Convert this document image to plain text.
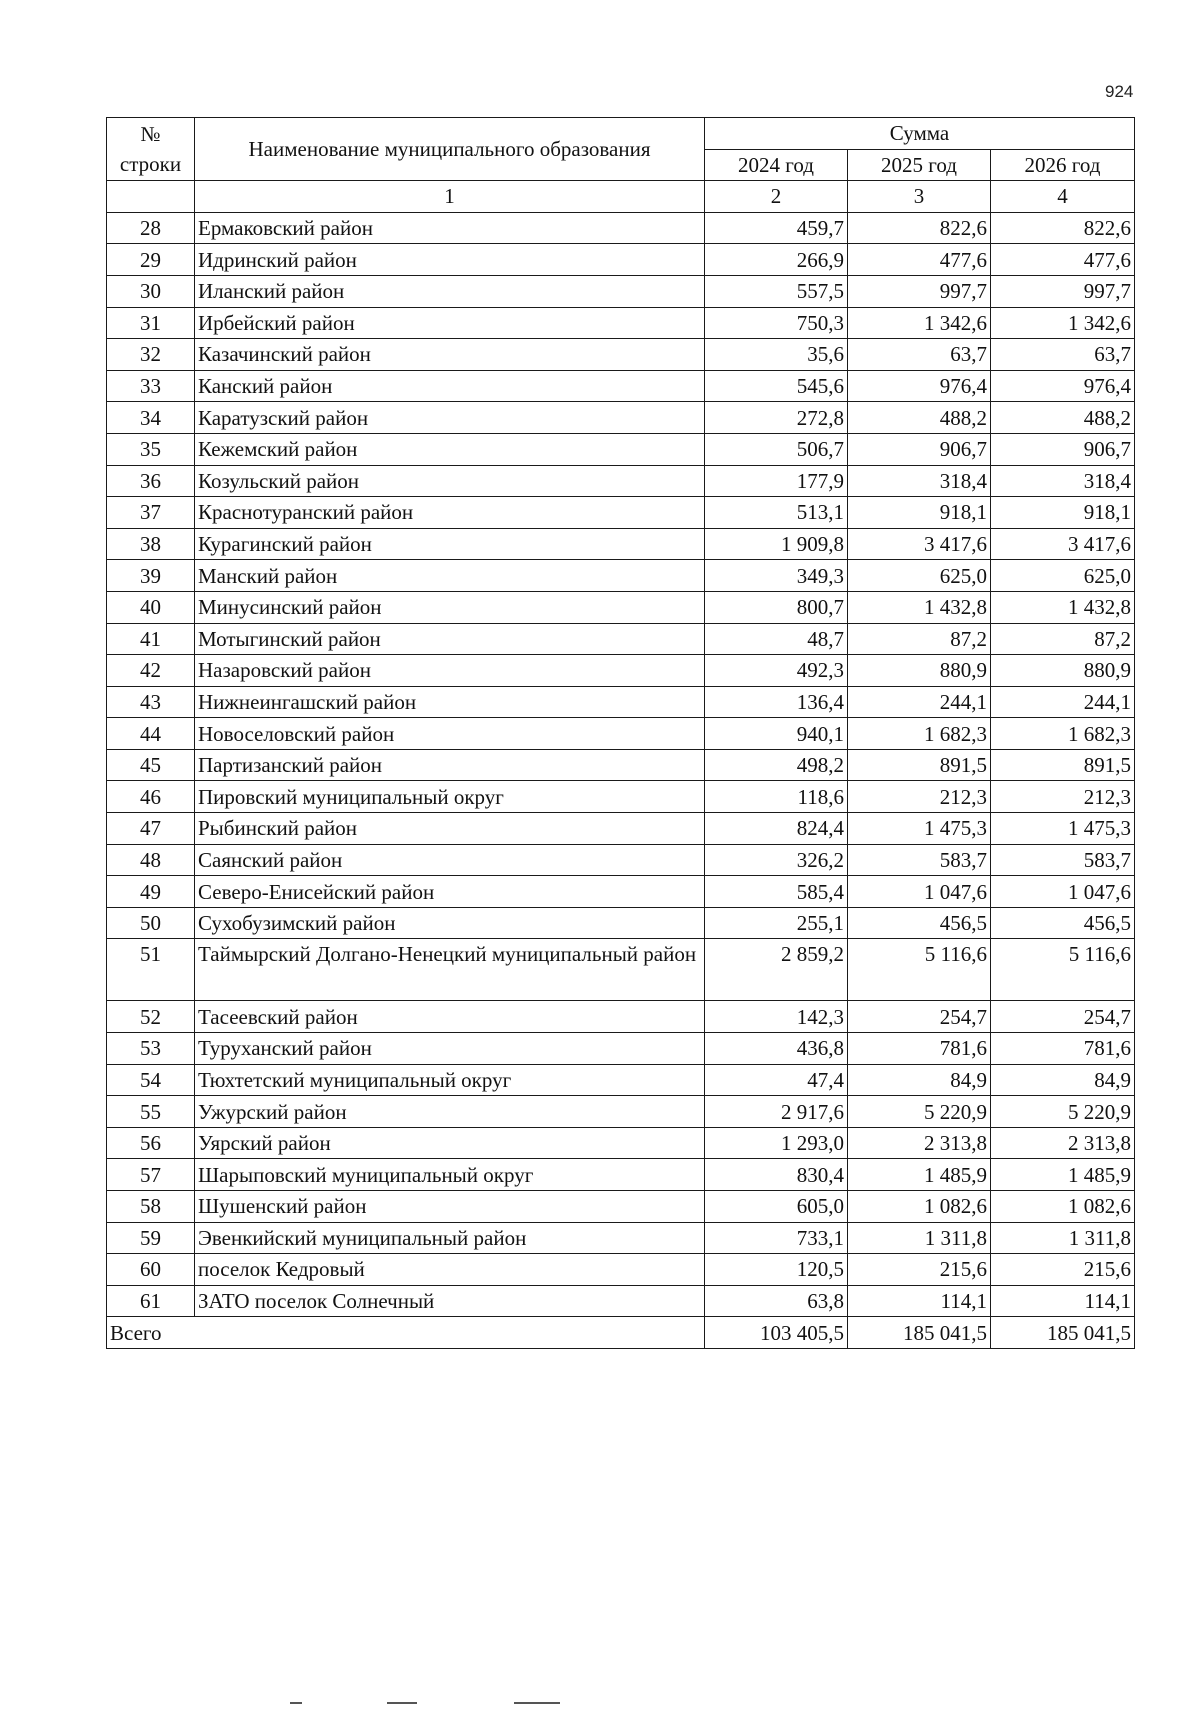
924
№
строки	Наименование муниципального образования	Сумма		
		2024 год	2025 год	2026 год
	1	2	3	4
28	Ермаковский район	459,7	822,6	822,6
29	Идринский район	266,9	477,6	477,6
30	Иланский район	557,5	997,7	997,7
31	Ирбейский район	750,3	1 342,6	1 342,6
32	Казачинский район	35,6	63,7	63,7
33	Канский район	545,6	976,4	976,4
34	Каратузский район	272,8	488,2	488,2
35	Кежемский район	506,7	906,7	906,7
36	Козульский район	177,9	318,4	318,4
37	Краснотуранский район	513,1	918,1	918,1
38	Курагинский район	1 909,8	3 417,6	3 417,6
39	Манский район	349,3	625,0	625,0
40	Минусинский район	800,7	1 432,8	1 432,8
41	Мотыгинский район	48,7	87,2	87,2
42	Назаровский район	492,3	880,9	880,9
43	Нижнеингашский район	136,4	244,1	244,1
44	Новоселовский район	940,1	1 682,3	1 682,3
45	Партизанский район	498,2	891,5	891,5
46	Пировский муниципальный округ	118,6	212,3	212,3
47	Рыбинский район	824,4	1 475,3	1 475,3
48	Саянский район	326,2	583,7	583,7
49	Северо-Енисейский район	585,4	1 047,6	1 047,6
50	Сухобузимский район	255,1	456,5	456,5
51	Таймырский Долгано-Ненецкий муниципальный район	2 859,2	5 116,6	5 116,6
52	Тасеевский район	142,3	254,7	254,7
53	Туруханский район	436,8	781,6	781,6
54	Тюхтетский муниципальный округ	47,4	84,9	84,9
55	Ужурский район	2 917,6	5 220,9	5 220,9
56	Уярский район	1 293,0	2 313,8	2 313,8
57	Шарыповский муниципальный округ	830,4	1 485,9	1 485,9
58	Шушенский район	605,0	1 082,6	1 082,6
59	Эвенкийский муниципальный район	733,1	1 311,8	1 311,8
60	поселок Кедровый	120,5	215,6	215,6
61	ЗАТО поселок Солнечный	63,8	114,1	114,1
Всего		103 405,5	185 041,5	185 041,5
